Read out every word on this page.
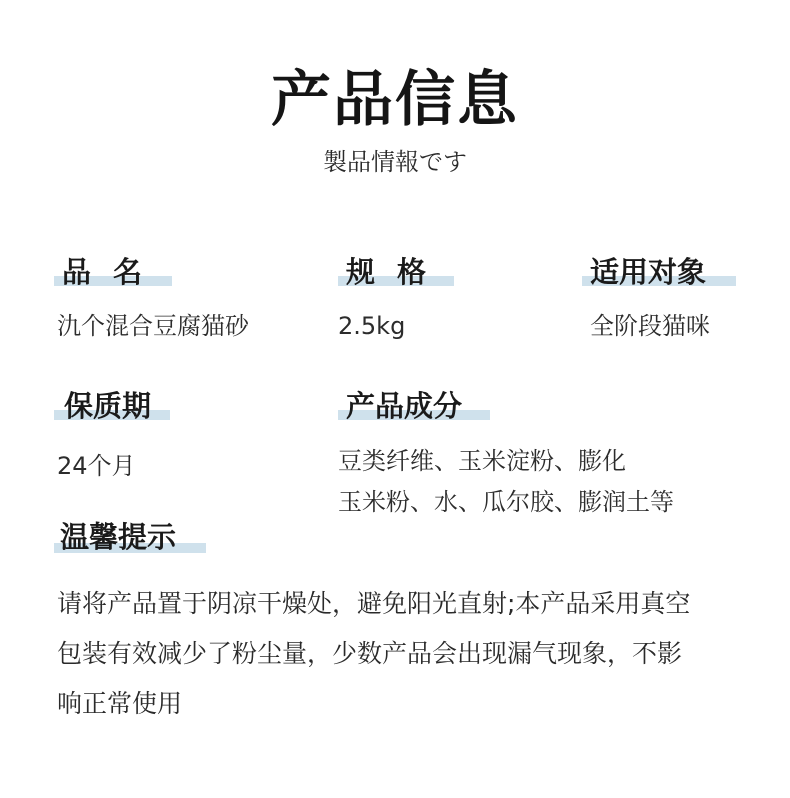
产品信息
製品情報です
品名
氿个混合豆腐猫砂
规格
2.5kg
适用对象
全阶段猫咪
保质期
24个月
产品成分
豆类纤维、玉米淀粉、膨化
玉米粉、水、瓜尔胶、膨润土等
温馨提示
请将产品置于阴凉干燥处，避免阳光直射;本产品采用真空
包装有效减少了粉尘量，少数产品会出现漏气现象，不影
响正常使用
